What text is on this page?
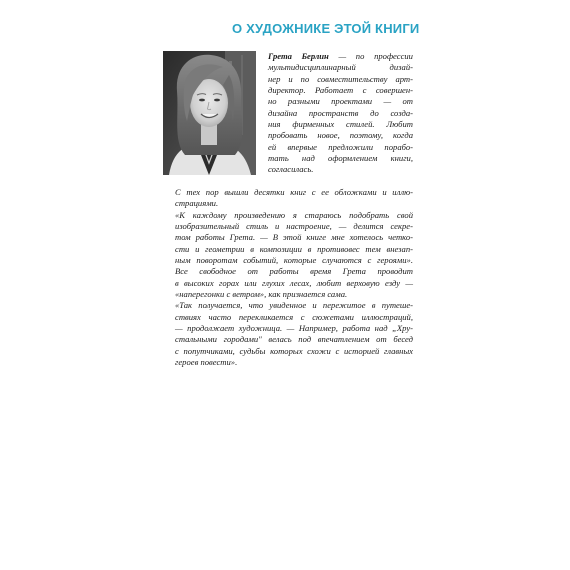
О ХУДОЖНИКЕ ЭТОЙ КНИГИ
Грета Берлин — по профессии
мультидисциплинарный дизай-
нер и по совместительству арт-
директор. Работает с совершен-
но разными проектами — от
дизайна пространств до созда-
ния фирменных стилей. Любит
пробовать новое, поэтому, когда
ей впервые предложили порабо-
тать над оформлением книги,
согласилась.

С тех пор вышли десятки книг с ее обложками и иллю-
страциями.

«К каждому произведению я стараюсь подобрать свой
изобразительный стиль и настроение, — делится секре-
том работы Грета. — В этой книге мне хотелось четко-
сти и геометрии в композиции в противовес тем внезап-
ным поворотам событий, которые случаются с героями».

Все свободное от работы время Грета проводит
в высоких горах или глухих лесах, любит верховую езду —
«наперегонки с ветром», как признается сама.

«Так получается, что увиденное и пережитое в путеше-
ствиях часто перекликается с сюжетами иллюстраций,
— продолжает художница. — Например, работа над „Хру-
стальными городами" велась под впечатлением от бесед
с попутчиками, судьбы которых схожи с историей главных
героев повести».
